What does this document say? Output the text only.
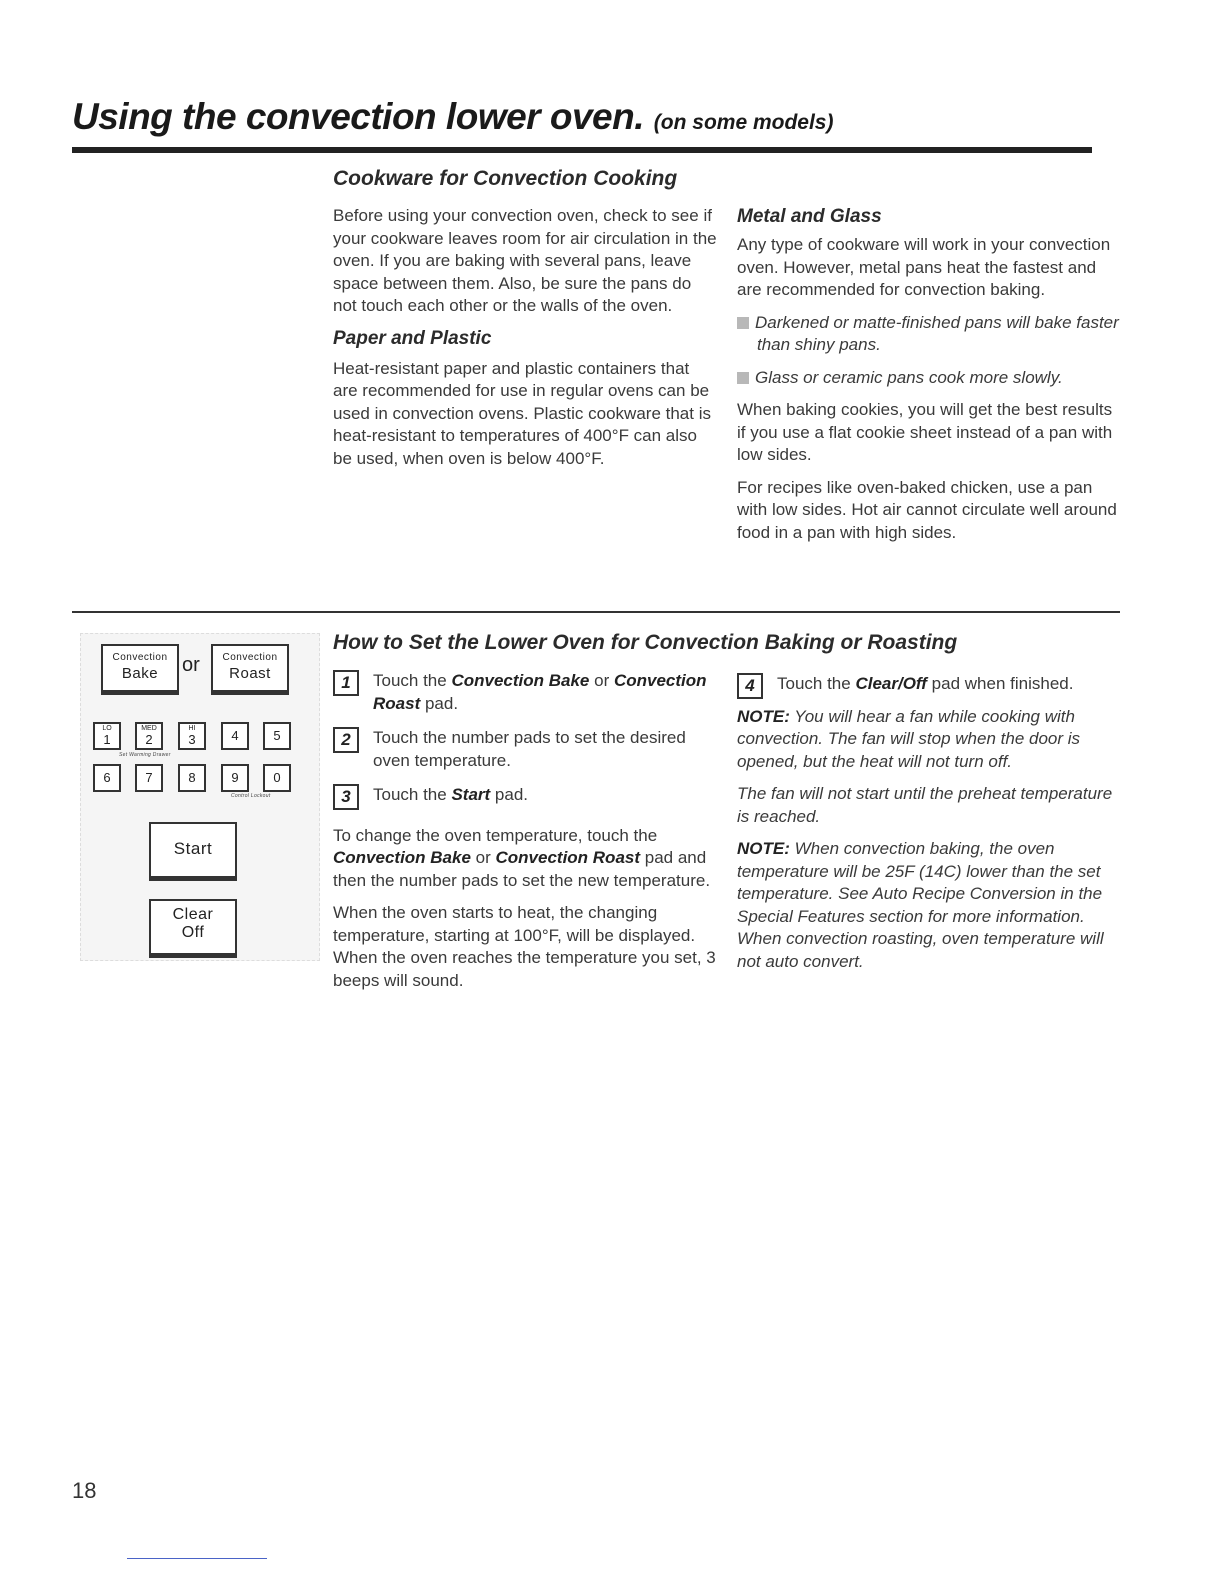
Using the convection lower oven. (on some models)
Cookware for Convection Cooking

Before using your convection oven, check to see if your cookware leaves room for air circulation in the oven. If you are baking with several pans, leave space between them. Also, be sure the pans do not touch each other or the walls of the oven.

Paper and Plastic

Heat-resistant paper and plastic containers that are recommended for use in regular ovens can be used in convection ovens. Plastic cookware that is heat-resistant to temperatures of 400°F can also be used, when oven is below 400°F.

Metal and Glass

Any type of cookware will work in your convection oven. However, metal pans heat the fastest and are recommended for convection baking.

Darkened or matte-finished pans will bake faster than shiny pans.

Glass or ceramic pans cook more slowly.

When baking cookies, you will get the best results if you use a flat cookie sheet instead of a pan with low sides.

For recipes like oven-baked chicken, use a pan with low sides. Hot air cannot circulate well around food in a pan with high sides.

Convection
Bake	or	Convection
Roast
LO
1
MED
2
HI
3	4	5
Set Warming Drawer
6	7	8	9	0
Control Lockout
Start
Clear
Off
How to Set the Lower Oven for Convection Baking or Roasting

1	Touch the Convection Bake or Convection Roast pad.

2	Touch the number pads to set the desired oven temperature.

3	Touch the Start pad.

To change the oven temperature, touch the Convection Bake or Convection Roast pad and then the number pads to set the new temperature.

When the oven starts to heat, the changing temperature, starting at 100°F, will be displayed. When the oven reaches the temperature you set, 3 beeps will sound.

4	Touch the Clear/Off pad when finished.

NOTE: You will hear a fan while cooking with convection. The fan will stop when the door is opened, but the heat will not turn off.

The fan will not start until the preheat temperature is reached.

NOTE: When convection baking, the oven temperature will be 25F (14C) lower than the set temperature. See Auto Recipe Conversion in the Special Features section for more information. When convection roasting, oven temperature will not auto convert.

18
